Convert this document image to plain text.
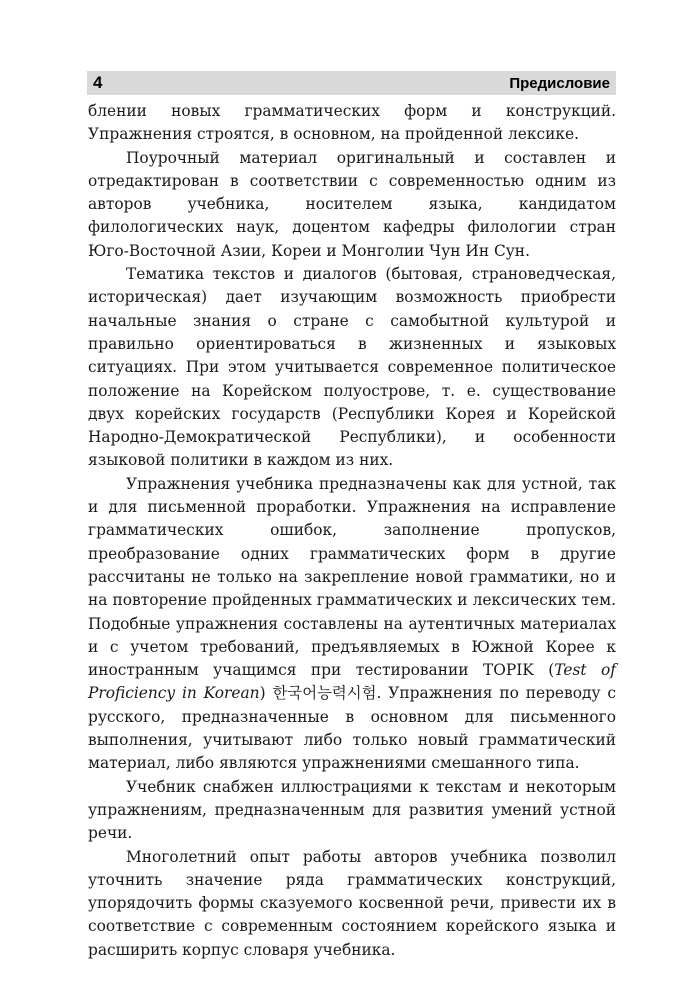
4	Предисловие

блении новых грамматических форм и конструкций. Упражнения строятся, в основном, на пройденной лексике.

Поурочный материал оригинальный и составлен и отредактирован в соответствии с современностью одним из авторов учебника, носителем языка, кандидатом филологических наук, доцентом кафедры филологии стран Юго-Восточной Азии, Кореи и Монголии Чун Ин Сун.

Тематика текстов и диалогов (бытовая, страноведческая, историческая) дает изучающим возможность приобрести начальные знания о стране с самобытной культурой и правильно ориентироваться в жизненных и языковых ситуациях. При этом учитывается современное политическое положение на Корейском полуострове, т. е. существование двух корейских государств (Республики Корея и Корейской Народно-Демократической Республики), и особенности языковой политики в каждом из них.

Упражнения учебника предназначены как для устной, так и для письменной проработки. Упражнения на исправление грамматических ошибок, заполнение пропусков, преобразование одних грамматических форм в другие рассчитаны не только на закрепление новой грамматики, но и на повторение пройденных грамматических и лексических тем. Подобные упражнения составлены на аутентичных материалах и с учетом требований, предъявляемых в Южной Корее к иностранным учащимся при тестировании TOPIK (Test of Proficiency in Korean) 한국어능력시험. Упражнения по переводу с русского, предназначенные в основном для письменного выполнения, учитывают либо только новый грамматический материал, либо являются упражнениями смешанного типа.

Учебник снабжен иллюстрациями к текстам и некоторым упражнениям, предназначенным для развития умений устной речи.

Многолетний опыт работы авторов учебника позволил уточнить значение ряда грамматических конструкций, упорядочить формы сказуемого косвенной речи, привести их в соответствие с современным состоянием корейского языка и расширить корпус словаря учебника.
